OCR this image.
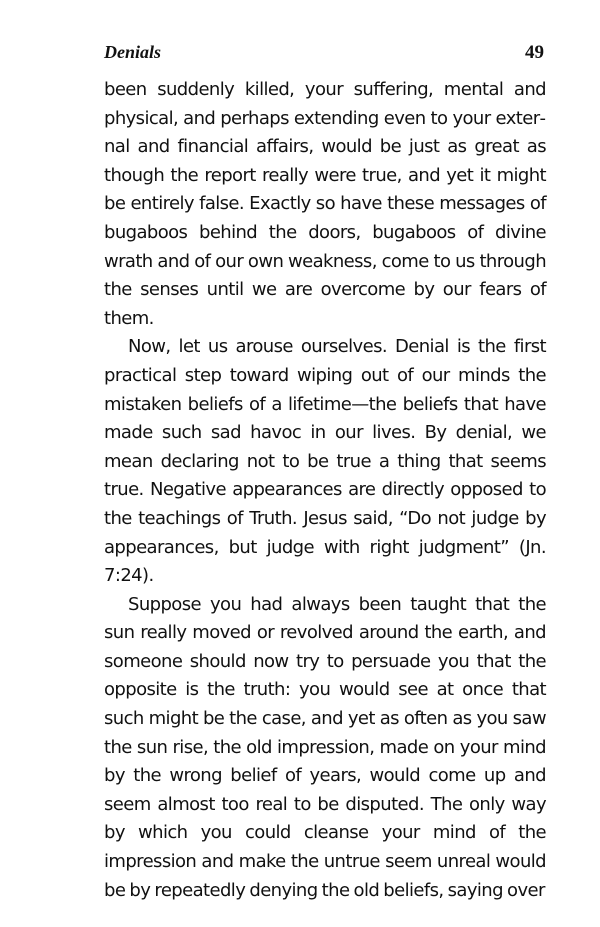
Denials	49

been suddenly killed, your suffering, mental and physical, and perhaps extending even to your external and financial affairs, would be just as great as though the report really were true, and yet it might be entirely false. Exactly so have these messages of bugaboos behind the doors, bugaboos of divine wrath and of our own weakness, come to us through the senses until we are overcome by our fears of them.

Now, let us arouse ourselves. Denial is the first practical step toward wiping out of our minds the mistaken beliefs of a lifetime—the beliefs that have made such sad havoc in our lives. By denial, we mean declaring not to be true a thing that seems true. Negative appearances are directly opposed to the teachings of Truth. Jesus said, “Do not judge by appearances, but judge with right judgment” (Jn. 7:24).

Suppose you had always been taught that the sun really moved or revolved around the earth, and someone should now try to persuade you that the opposite is the truth: you would see at once that such might be the case, and yet as often as you saw the sun rise, the old impression, made on your mind by the wrong belief of years, would come up and seem almost too real to be disputed. The only way by which you could cleanse your mind of the impression and make the untrue seem unreal would be by repeatedly denying the old beliefs, saying over
